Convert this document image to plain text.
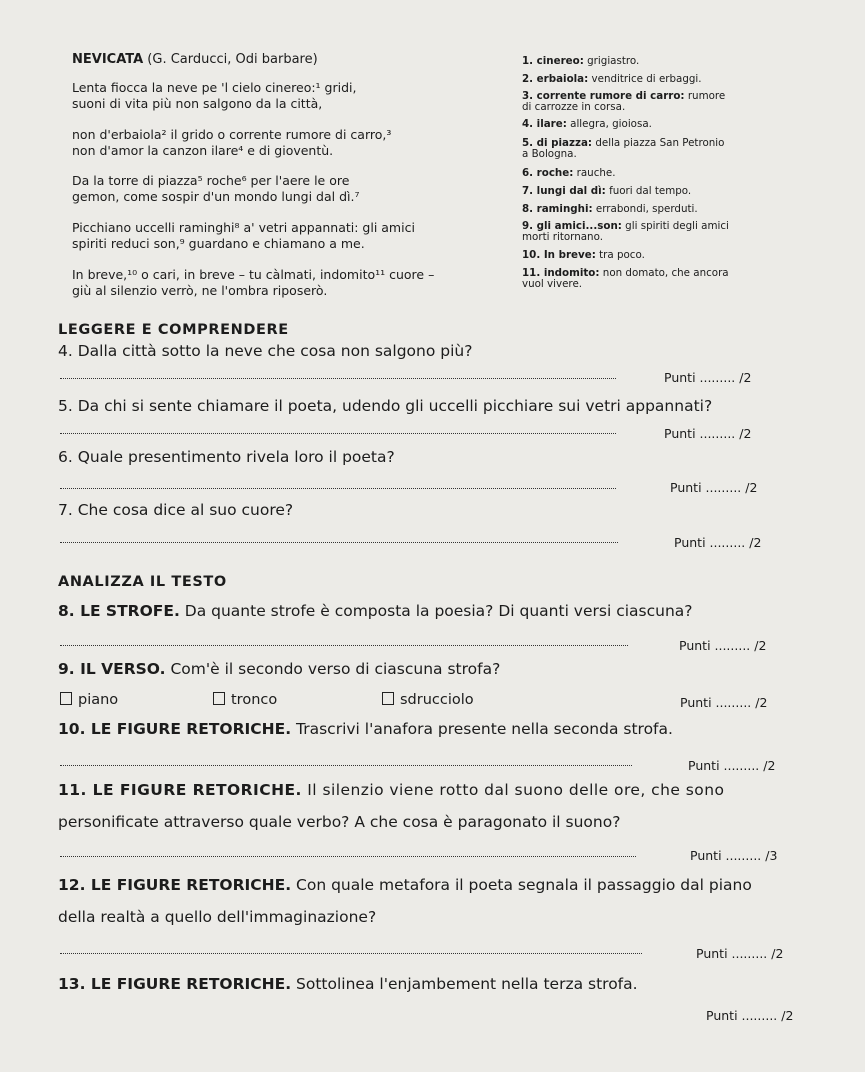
NEVICATA (G. Carducci, Odi barbare)
Lenta fiocca la neve pe 'l cielo cinereo:¹ gridi,
suoni di vita più non salgono da la città,
non d'erbaiola² il grido o corrente rumore di carro,³
non d'amor la canzon ilare⁴ e di gioventù.
Da la torre di piazza⁵ roche⁶ per l'aere le ore
gemon, come sospir d'un mondo lungi dal dì.⁷
Picchiano uccelli raminghi⁸ a' vetri appannati: gli amici
spiriti reduci son,⁹ guardano e chiamano a me.
In breve,¹⁰ o cari, in breve – tu càlmati, indomito¹¹ cuore –
giù al silenzio verrò, ne l'ombra riposerò.
1. cinereo: grigiastro.
2. erbaiola: venditrice di erbaggi.
3. corrente rumore di carro: rumore
di carrozze in corsa.
4. ilare: allegra, gioiosa.
5. di piazza: della piazza San Petronio
a Bologna.
6. roche: rauche.
7. lungi dal dì: fuori dal tempo.
8. raminghi: errabondi, sperduti.
9. gli amici...son: gli spiriti degli amici
morti ritornano.
10. In breve: tra poco.
11. indomito: non domato, che ancora
vuol vivere.
LEGGERE E COMPRENDERE
4. Dalla città sotto la neve che cosa non salgono più?
Punti ......... /2
5. Da chi si sente chiamare il poeta, udendo gli uccelli picchiare sui vetri appannati?
Punti ......... /2
6. Quale presentimento rivela loro il poeta?
Punti ......... /2
7. Che cosa dice al suo cuore?
Punti ......... /2
ANALIZZA IL TESTO
8. LE STROFE. Da quante strofe è composta la poesia? Di quanti versi ciascuna?
Punti ......... /2
9. IL VERSO. Com'è il secondo verso di ciascuna strofa?
piano	tronco	sdrucciolo	Punti ......... /2
10. LE FIGURE RETORICHE. Trascrivi l'anafora presente nella seconda strofa.
Punti ......... /2
11. LE FIGURE RETORICHE. Il silenzio viene rotto dal suono delle ore, che sono
personificate attraverso quale verbo? A che cosa è paragonato il suono?
Punti ......... /3
12. LE FIGURE RETORICHE. Con quale metafora il poeta segnala il passaggio dal piano
della realtà a quello dell'immaginazione?
Punti ......... /2
13. LE FIGURE RETORICHE. Sottolinea l'enjambement nella terza strofa.
Punti ......... /2
